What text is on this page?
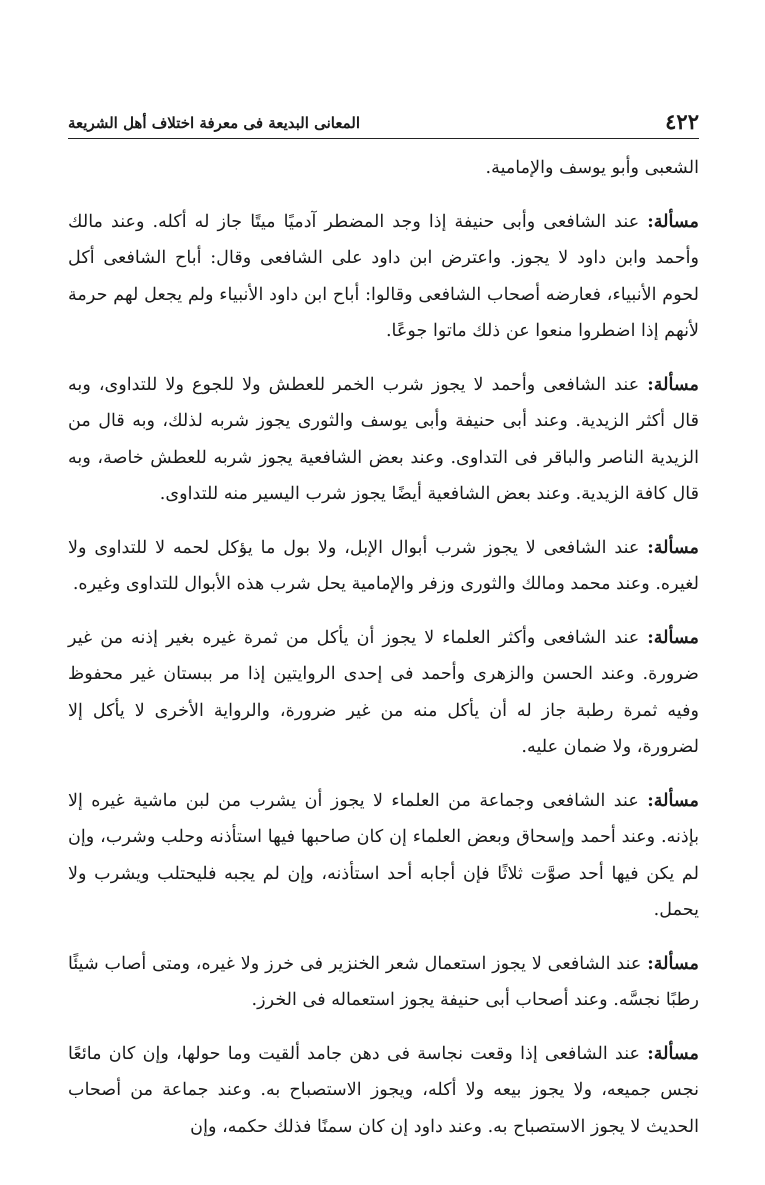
٤٢٢
المعانى البديعة فى معرفة اختلاف أهل الشريعة

الشعبى وأبو يوسف والإمامية.

مسألة: عند الشافعى وأبى حنيفة إذا وجد المضطر آدميًا ميتًا جاز له أكله. وعند مالك وأحمد وابن داود لا يجوز. واعترض ابن داود على الشافعى وقال: أباح الشافعى أكل لحوم الأنبياء، فعارضه أصحاب الشافعى وقالوا: أباح ابن داود الأنبياء ولم يجعل لهم حرمة لأنهم إذا اضطروا منعوا عن ذلك ماتوا جوعًا.

مسألة: عند الشافعى وأحمد لا يجوز شرب الخمر للعطش ولا للجوع ولا للتداوى، وبه قال أكثر الزيدية. وعند أبى حنيفة وأبى يوسف والثورى يجوز شربه لذلك، وبه قال من الزيدية الناصر والباقر فى التداوى. وعند بعض الشافعية يجوز شربه للعطش خاصة، وبه قال كافة الزيدية. وعند بعض الشافعية أيضًا يجوز شرب اليسير منه للتداوى.

مسألة: عند الشافعى لا يجوز شرب أبوال الإبل، ولا بول ما يؤكل لحمه لا للتداوى ولا لغيره. وعند محمد ومالك والثورى وزفر والإمامية يحل شرب هذه الأبوال للتداوى وغيره.

مسألة: عند الشافعى وأكثر العلماء لا يجوز أن يأكل من ثمرة غيره بغير إذنه من غير ضرورة. وعند الحسن والزهرى وأحمد فى إحدى الروايتين إذا مر ببستان غير محفوظ وفيه ثمرة رطبة جاز له أن يأكل منه من غير ضرورة، والرواية الأخرى لا يأكل إلا لضرورة، ولا ضمان عليه.

مسألة: عند الشافعى وجماعة من العلماء لا يجوز أن يشرب من لبن ماشية غيره إلا بإذنه. وعند أحمد وإسحاق وبعض العلماء إن كان صاحبها فيها استأذنه وحلب وشرب، وإن لم يكن فيها أحد صوَّت ثلاثًا فإن أجابه أحد استأذنه، وإن لم يجبه فليحتلب ويشرب ولا يحمل.

مسألة: عند الشافعى لا يجوز استعمال شعر الخنزير فى خرز ولا غيره، ومتى أصاب شيئًا رطبًا نجسَّه. وعند أصحاب أبى حنيفة يجوز استعماله فى الخرز.

مسألة: عند الشافعى إذا وقعت نجاسة فى دهن جامد ألقيت وما حولها، وإن كان مائعًا نجس جميعه، ولا يجوز بيعه ولا أكله، ويجوز الاستصباح به. وعند جماعة من أصحاب الحديث لا يجوز الاستصباح به. وعند داود إن كان سمنًا فذلك حكمه، وإن
